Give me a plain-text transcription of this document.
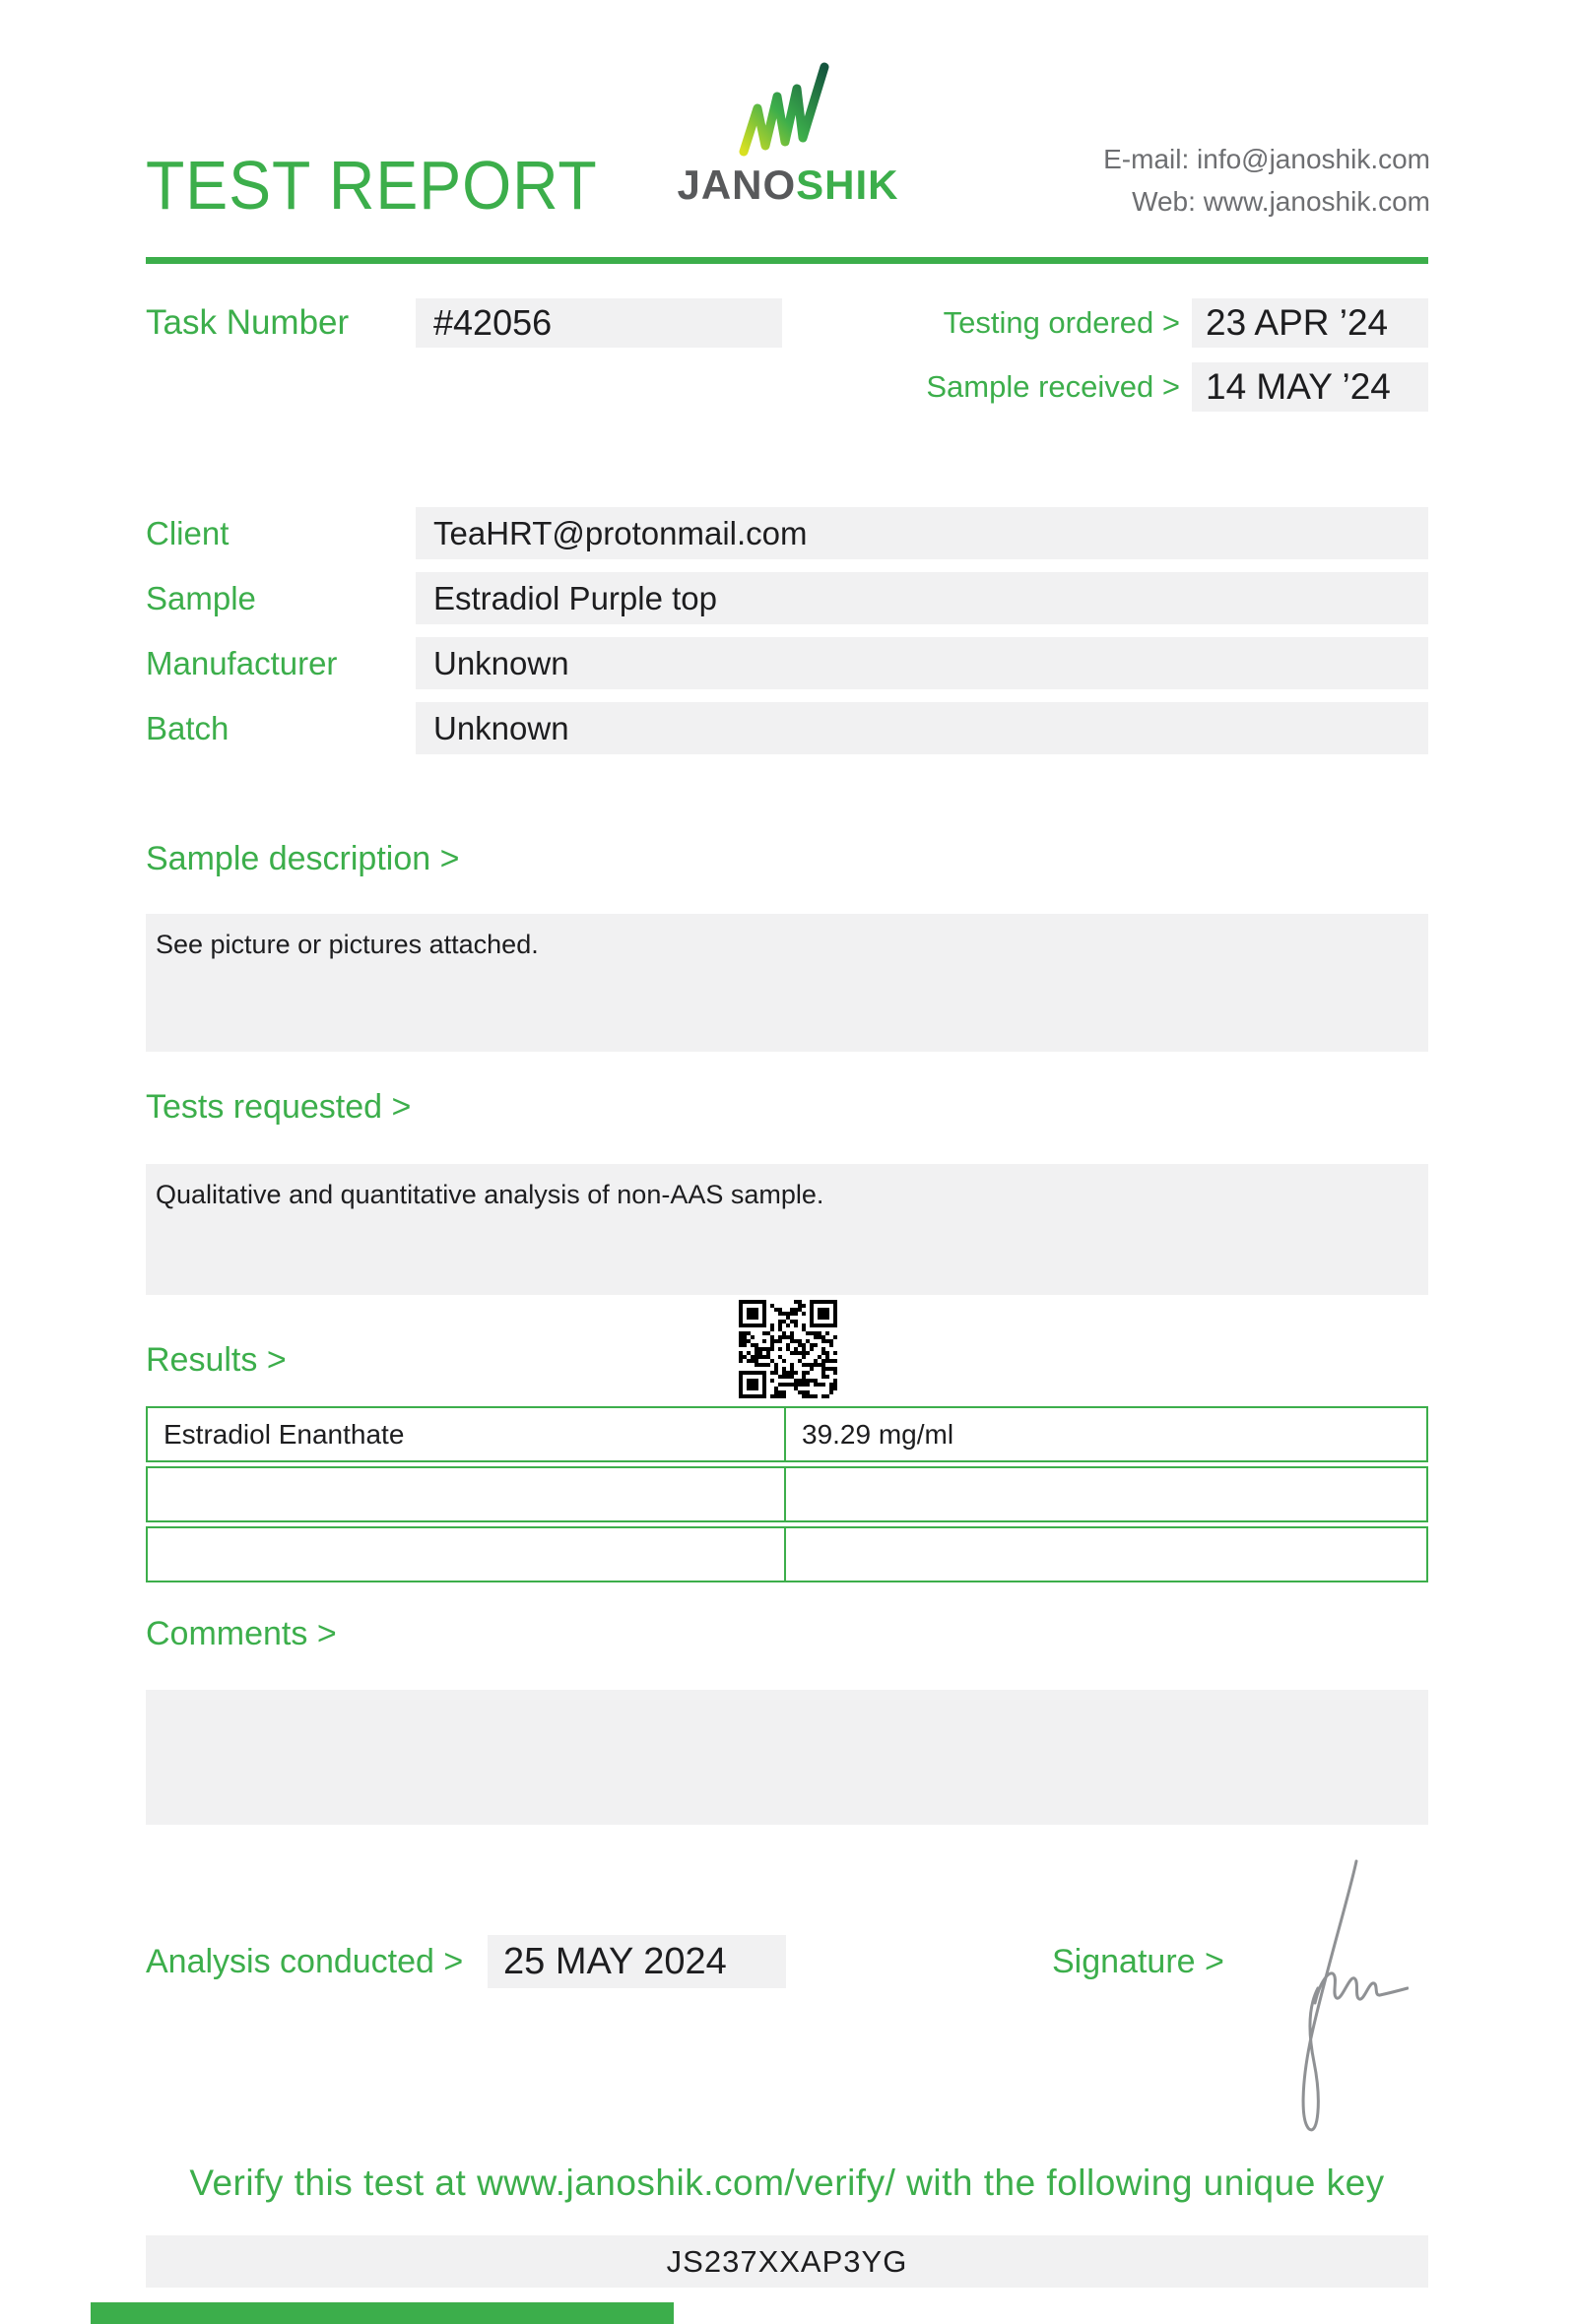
TEST REPORT	JANOSHIK
E-mail: info@janoshik.com
Web: www.janoshik.com
Task Number	#42056	Testing ordered > 23 APR ’24
Sample received > 14 MAY ’24
Client	TeaHRT@protonmail.com
Sample	Estradiol Purple top
Manufacturer	Unknown
Batch	Unknown
Sample description >
See picture or pictures attached.
Tests requested >
Qualitative and quantitative analysis of non-AAS sample.
Results >
Estradiol Enanthate	39.29 mg/ml
Comments >
Analysis conducted >	25 MAY 2024	Signature >
Verify this test at www.janoshik.com/verify/ with the following unique key
JS237XXAP3YG
